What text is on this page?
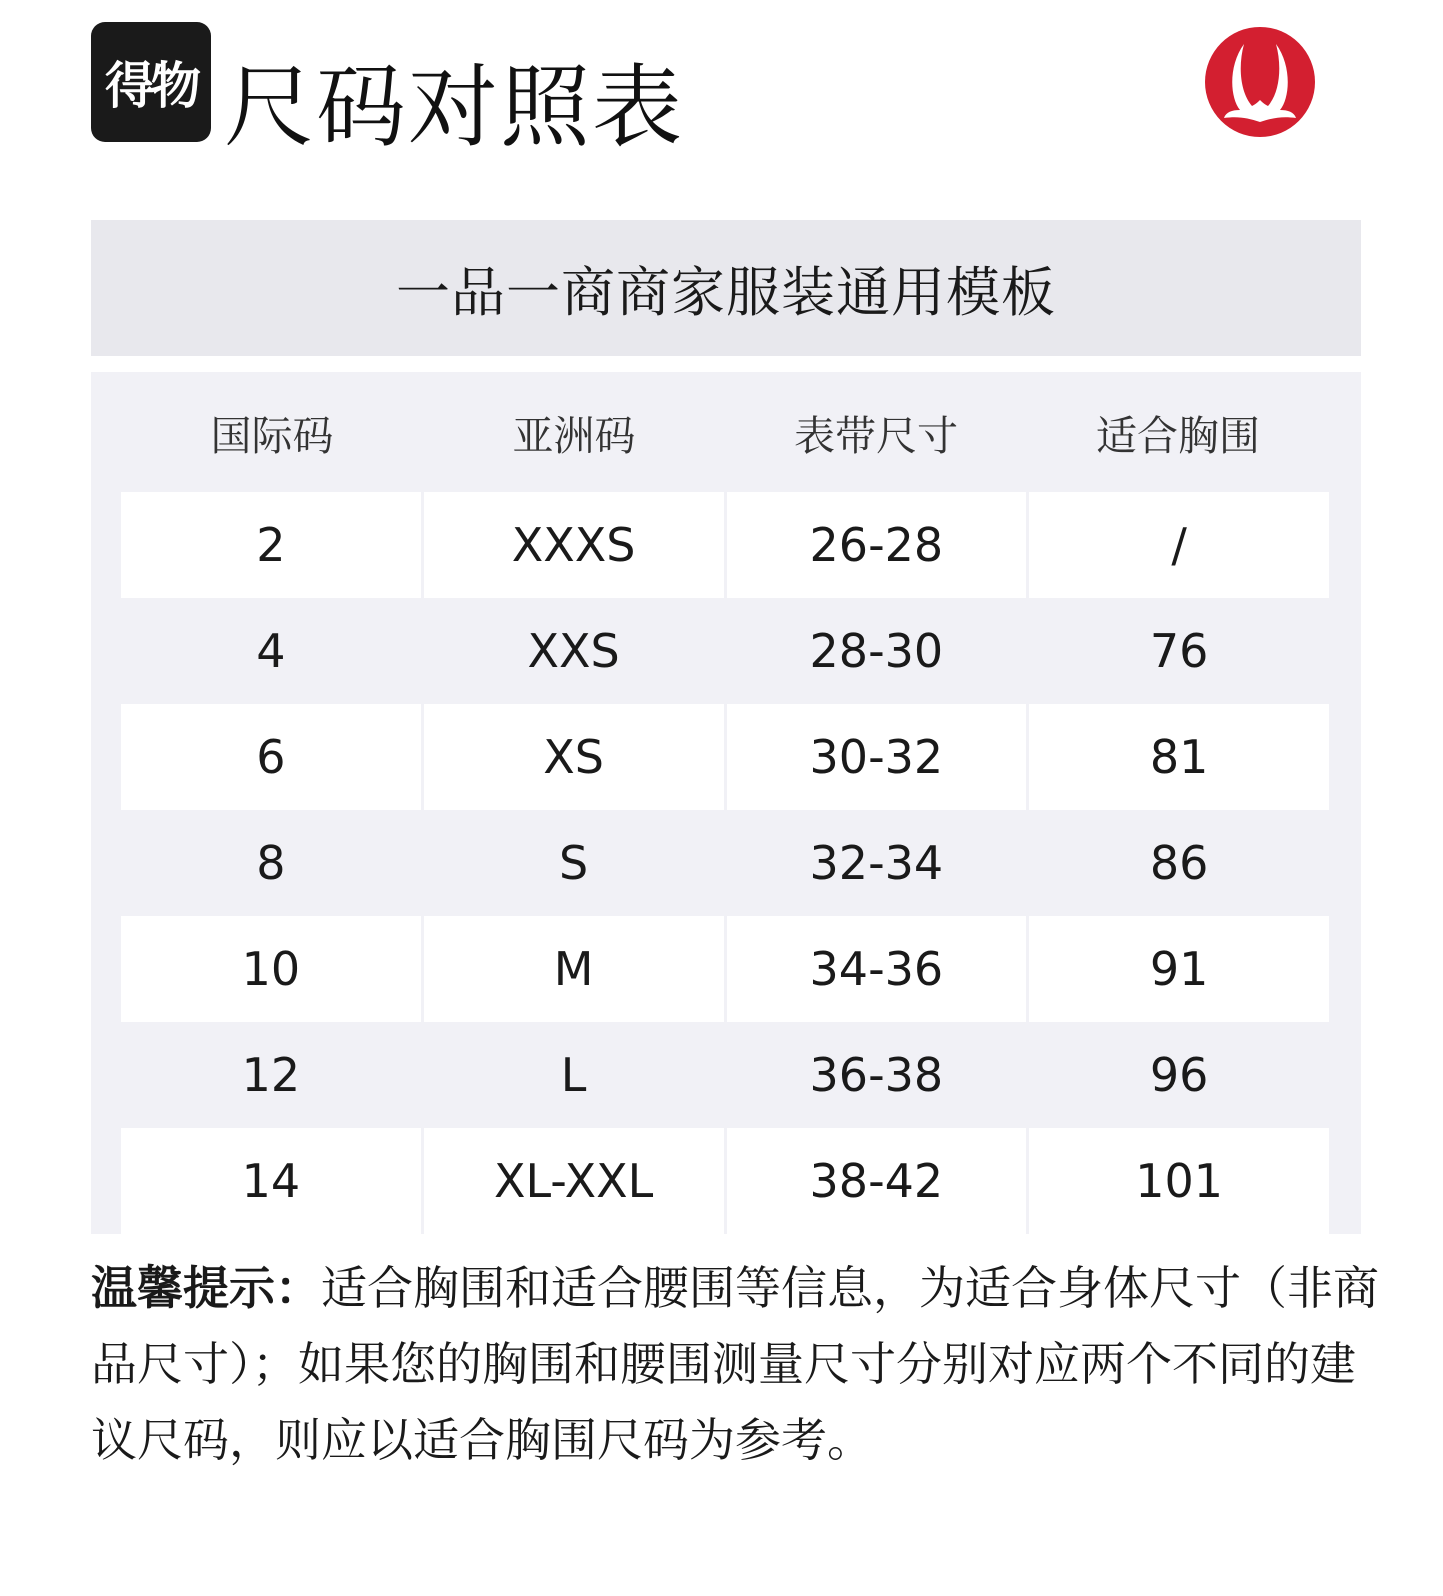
得物 尺码对照表
一品一商商家服装通用模板
国际码	亚洲码	表带尺寸	适合胸围
2	XXXS	26-28	/
4	XXS	28-30	76
6	XS	30-32	81
8	S	32-34	86
10	M	34-36	91
12	L	36-38	96
14	XL-XXL	38-42	101
温馨提示：适合胸围和适合腰围等信息，为适合身体尺寸（非商品尺寸）；如果您的胸围和腰围测量尺寸分别对应两个不同的建议尺码，则应以适合胸围尺码为参考。
